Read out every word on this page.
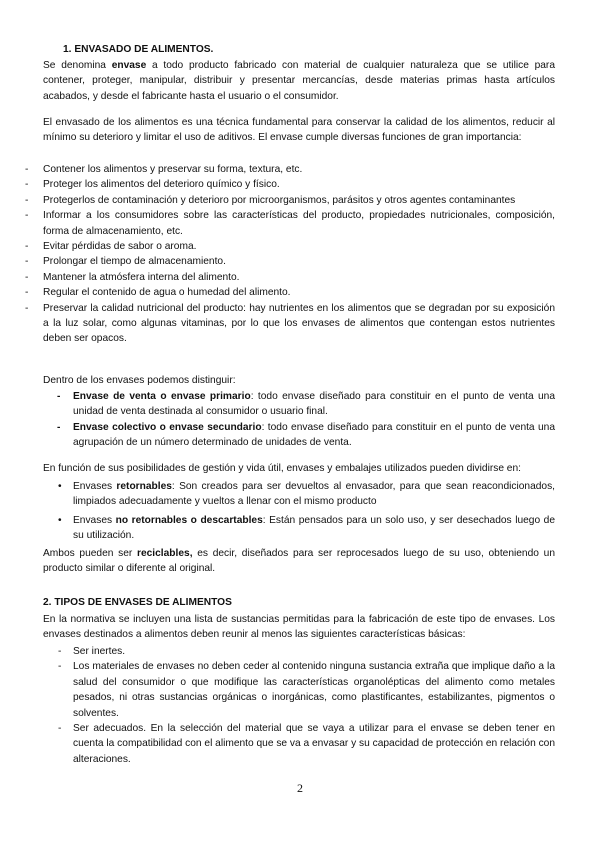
1. ENVASADO DE ALIMENTOS.

Se denomina envase a todo producto fabricado con material de cualquier naturaleza que se utilice para contener, proteger, manipular, distribuir y presentar mercancías, desde materias primas hasta artículos acabados, y desde el fabricante hasta el usuario o el consumidor.

El envasado de los alimentos es una técnica fundamental para conservar la calidad de los alimentos, reducir al mínimo su deterioro y limitar el uso de aditivos. El envase cumple diversas funciones de gran importancia:

- Contener los alimentos y preservar su forma, textura, etc.

- Proteger los alimentos del deterioro químico y físico.

- Protegerlos de contaminación y deterioro por microorganismos, parásitos y otros agentes contaminantes

- Informar a los consumidores sobre las características del producto, propiedades nutricionales, composición, forma de almacenamiento, etc.

- Evitar pérdidas de sabor o aroma.

- Prolongar el tiempo de almacenamiento.

- Mantener la atmósfera interna del alimento.

- Regular el contenido de agua o humedad del alimento.

- Preservar la calidad nutricional del producto: hay nutrientes en los alimentos que se degradan por su exposición a la luz solar, como algunas vitaminas, por lo que los envases de alimentos que contengan estos nutrientes deben ser opacos.

Dentro de los envases podemos distinguir:

- Envase de venta o envase primario: todo envase diseñado para constituir en el punto de venta una unidad de venta destinada al consumidor o usuario final.

- Envase colectivo o envase secundario: todo envase diseñado para constituir en el punto de venta una agrupación de un número determinado de unidades de venta.

En función de sus posibilidades de gestión y vida útil, envases y embalajes utilizados pueden dividirse en:

• Envases retornables: Son creados para ser devueltos al envasador, para que sean reacondicionados, limpiados adecuadamente y vueltos a llenar con el mismo producto

• Envases no retornables o descartables: Están pensados para un solo uso, y ser desechados luego de su utilización.

Ambos pueden ser reciclables, es decir, diseñados para ser reprocesados luego de su uso, obteniendo un producto similar o diferente al original.

2. TIPOS DE ENVASES DE ALIMENTOS

En la normativa se incluyen una lista de sustancias permitidas para la fabricación de este tipo de envases. Los envases destinados a alimentos deben reunir al menos las siguientes características básicas:

- Ser inertes.

- Los materiales de envases no deben ceder al contenido ninguna sustancia extraña que implique daño a la salud del consumidor o que modifique las características organolépticas del alimento como metales pesados, ni otras sustancias orgánicas o inorgánicas, como plastificantes, estabilizantes, pigmentos o solventes.

- Ser adecuados. En la selección del material que se vaya a utilizar para el envase se deben tener en cuenta la compatibilidad con el alimento que se va a envasar y su capacidad de protección en relación con alteraciones.

2
